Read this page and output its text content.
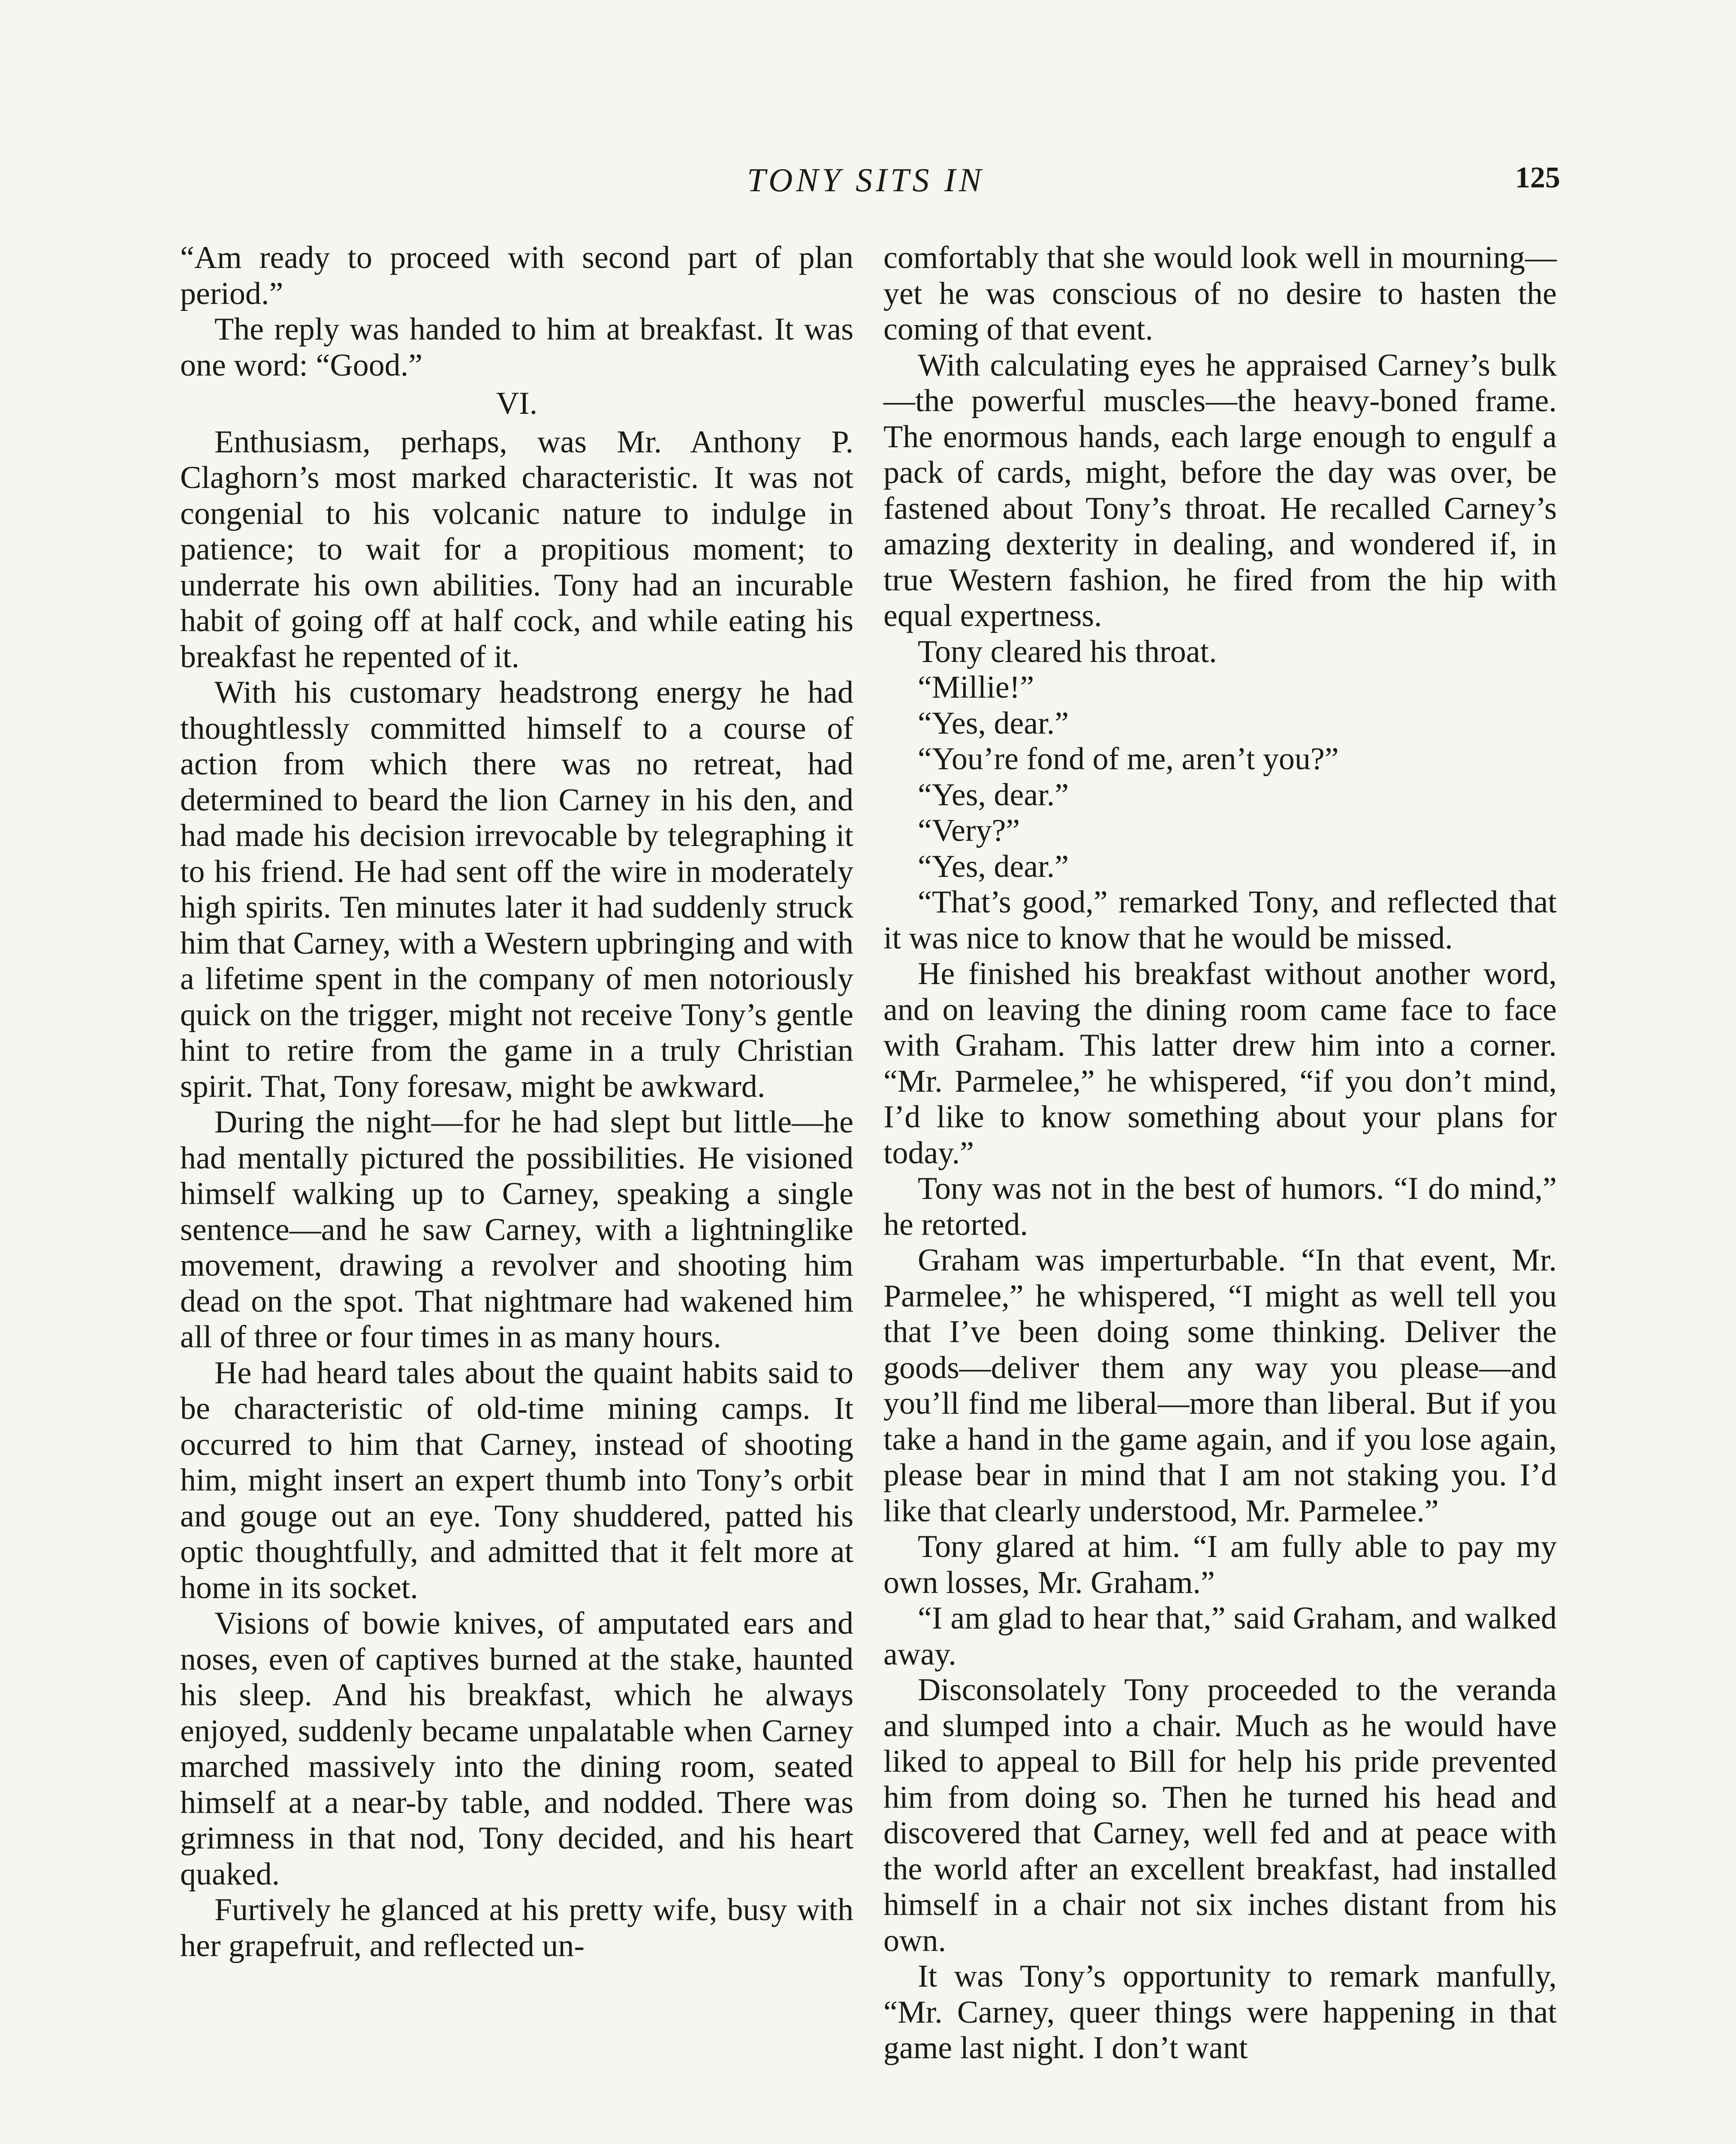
TONY SITS IN	125

“Am ready to proceed with second part of plan period.”

The reply was handed to him at breakfast. It was one word: “Good.”

VI.

Enthusiasm, perhaps, was Mr. Anthony P. Claghorn’s most marked characteristic. It was not congenial to his volcanic nature to indulge in patience; to wait for a propitious moment; to underrate his own abilities. Tony had an incurable habit of going off at half cock, and while eating his breakfast he repented of it.

With his customary headstrong energy he had thoughtlessly committed himself to a course of action from which there was no retreat, had determined to beard the lion Carney in his den, and had made his decision irrevocable by telegraphing it to his friend. He had sent off the wire in moderately high spirits. Ten minutes later it had suddenly struck him that Carney, with a Western upbringing and with a lifetime spent in the company of men notoriously quick on the trigger, might not receive Tony’s gentle hint to retire from the game in a truly Christian spirit. That, Tony foresaw, might be awkward.

During the night—for he had slept but little—he had mentally pictured the possibilities. He visioned himself walking up to Carney, speaking a single sentence—and he saw Carney, with a lightninglike movement, drawing a revolver and shooting him dead on the spot. That nightmare had wakened him all of three or four times in as many hours.

He had heard tales about the quaint habits said to be characteristic of old-time mining camps. It occurred to him that Carney, instead of shooting him, might insert an expert thumb into Tony’s orbit and gouge out an eye. Tony shuddered, patted his optic thoughtfully, and admitted that it felt more at home in its socket.

Visions of bowie knives, of amputated ears and noses, even of captives burned at the stake, haunted his sleep. And his breakfast, which he always enjoyed, suddenly became unpalatable when Carney marched massively into the dining room, seated himself at a near-by table, and nodded. There was grimness in that nod, Tony decided, and his heart quaked.

Furtively he glanced at his pretty wife, busy with her grapefruit, and reflected un-

comfortably that she would look well in mourning—yet he was conscious of no desire to hasten the coming of that event.

With calculating eyes he appraised Carney’s bulk—the powerful muscles—the heavy-boned frame. The enormous hands, each large enough to engulf a pack of cards, might, before the day was over, be fastened about Tony’s throat. He recalled Carney’s amazing dexterity in dealing, and wondered if, in true Western fashion, he fired from the hip with equal expertness.

Tony cleared his throat.

“Millie!”

“Yes, dear.”

“You’re fond of me, aren’t you?”

“Yes, dear.”

“Very?”

“Yes, dear.”

“That’s good,” remarked Tony, and reflected that it was nice to know that he would be missed.

He finished his breakfast without another word, and on leaving the dining room came face to face with Graham. This latter drew him into a corner. “Mr. Parmelee,” he whispered, “if you don’t mind, I’d like to know something about your plans for today.”

Tony was not in the best of humors. “I do mind,” he retorted.

Graham was imperturbable. “In that event, Mr. Parmelee,” he whispered, “I might as well tell you that I’ve been doing some thinking. Deliver the goods—deliver them any way you please—and you’ll find me liberal—more than liberal. But if you take a hand in the game again, and if you lose again, please bear in mind that I am not staking you. I’d like that clearly understood, Mr. Parmelee.”

Tony glared at him. “I am fully able to pay my own losses, Mr. Graham.”

“I am glad to hear that,” said Graham, and walked away.

Disconsolately Tony proceeded to the veranda and slumped into a chair. Much as he would have liked to appeal to Bill for help his pride prevented him from doing so. Then he turned his head and discovered that Carney, well fed and at peace with the world after an excellent breakfast, had installed himself in a chair not six inches distant from his own.

It was Tony’s opportunity to remark manfully, “Mr. Carney, queer things were happening in that game last night. I don’t want
